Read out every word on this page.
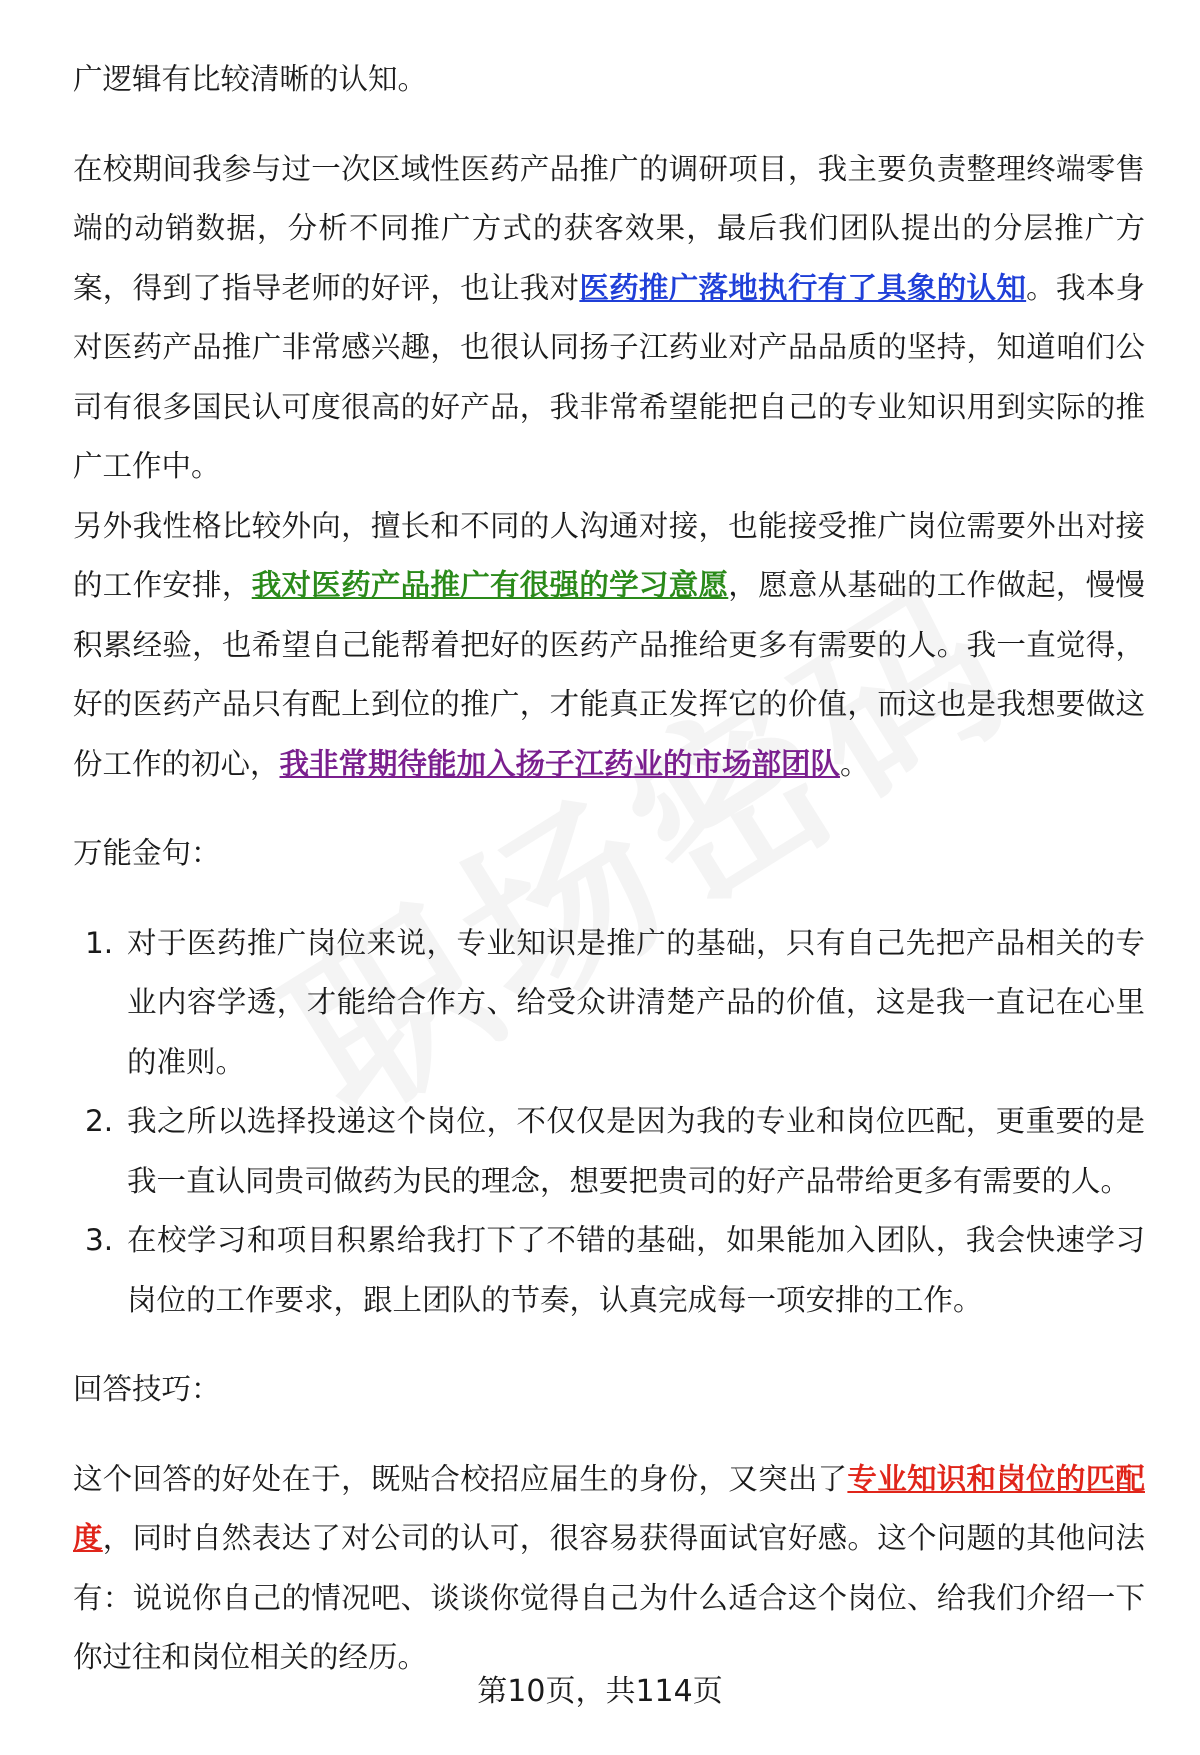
广逻辑有比较清晰的认知。

在校期间我参与过一次区域性医药产品推广的调研项目，我主要负责整理终端零售端的动销数据，分析不同推广方式的获客效果，最后我们团队提出的分层推广方案，得到了指导老师的好评，也让我对医药推广落地执行有了具象的认知。我本身对医药产品推广非常感兴趣，也很认同扬子江药业对产品品质的坚持，知道咱们公司有很多国民认可度很高的好产品，我非常希望能把自己的专业知识用到实际的推广工作中。

另外我性格比较外向，擅长和不同的人沟通对接，也能接受推广岗位需要外出对接的工作安排，我对医药产品推广有很强的学习意愿，愿意从基础的工作做起，慢慢积累经验，也希望自己能帮着把好的医药产品推给更多有需要的人。我一直觉得，好的医药产品只有配上到位的推广，才能真正发挥它的价值，而这也是我想要做这份工作的初心，我非常期待能加入扬子江药业的市场部团队。

万能金句：

1. 对于医药推广岗位来说，专业知识是推广的基础，只有自己先把产品相关的专业内容学透，才能给合作方、给受众讲清楚产品的价值，这是我一直记在心里的准则。
2. 我之所以选择投递这个岗位，不仅仅是因为我的专业和岗位匹配，更重要的是我一直认同贵司做药为民的理念，想要把贵司的好产品带给更多有需要的人。
3. 在校学习和项目积累给我打下了不错的基础，如果能加入团队，我会快速学习岗位的工作要求，跟上团队的节奏，认真完成每一项安排的工作。

回答技巧：

这个回答的好处在于，既贴合校招应届生的身份，又突出了专业知识和岗位的匹配度，同时自然表达了对公司的认可，很容易获得面试官好感。这个问题的其他问法有：说说你自己的情况吧、谈谈你觉得自己为什么适合这个岗位、给我们介绍一下你过往和岗位相关的经历。

第10页，共114页
